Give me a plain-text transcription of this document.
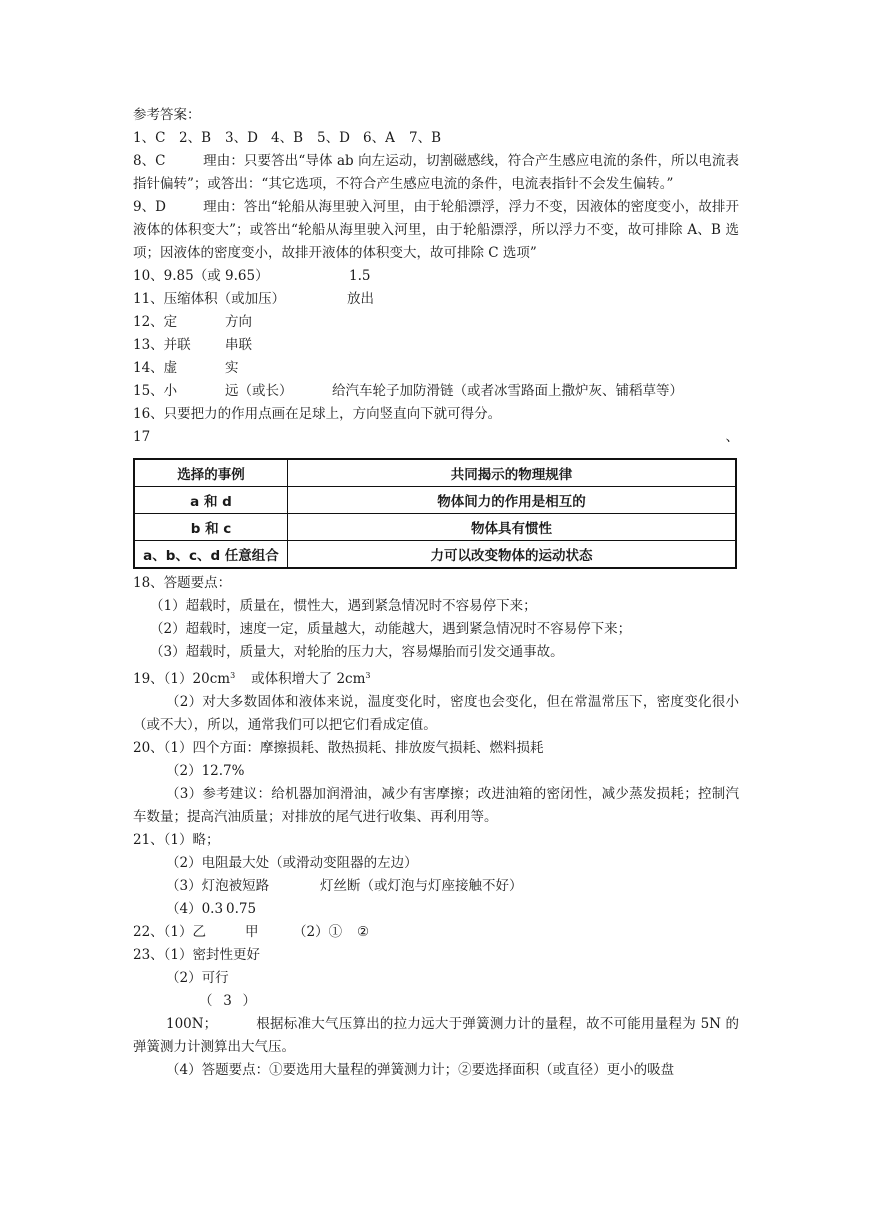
参考答案：
1、C 2、B 3、D 4、B 5、D 6、A 7、B
8、C	理由：只要答出“导体 ab 向左运动，切割磁感线，符合产生感应电流的条件，所以电流表指针偏转”；或答出：“其它选项，不符合产生感应电流的条件，电流表指针不会发生偏转。”
9、D	理由：答出“轮船从海里驶入河里，由于轮船漂浮，浮力不变，因液体的密度变小，故排开液体的体积变大”；或答出“轮船从海里驶入河里，由于轮船漂浮，所以浮力不变，故可排除 A、B 选项；因液体的密度变小，故排开液体的体积变大，故可排除 C 选项”
10、9.85（或 9.65）	1.5
11、压缩体积（或加压）	放出
12、定	方向
13、并联	串联
14、虚	实
15、小	远（或长）	给汽车轮子加防滑链（或者冰雪路面上撒炉灰、铺稻草等）
16、只要把力的作用点画在足球上，方向竖直向下就可得分。
17	、
选择的事例	共同揭示的物理规律
a 和 d	物体间力的作用是相互的
b 和 c	物体具有惯性
a、b、c、d 任意组合	力可以改变物体的运动状态
18、答题要点：
（1）超载时，质量在，惯性大，遇到紧急情况时不容易停下来；
（2）超载时，速度一定，质量越大，动能越大，遇到紧急情况时不容易停下来；
（3）超载时，质量大，对轮胎的压力大，容易爆胎而引发交通事故。
19、$(1)20cm^3$ 或体积增大了 $2cm^3$
（2）对大多数固体和液体来说，温度变化时，密度也会变化，但在常温常压下，密度变化很小（或不大），所以，通常我们可以把它们看成定值。
20、（1）四个方面：摩擦损耗、散热损耗、排放废气损耗、燃料损耗
（2）12.7%
（3）参考建议：给机器加润滑油，减少有害摩擦；改进油箱的密闭性，减少蒸发损耗；控制汽车数量；提高汽油质量；对排放的尾气进行收集、再利用等。
21、（1）略；
（2）电阻最大处（或滑动变阻器的左边）
（3）灯泡被短路	灯丝断（或灯泡与灯座接触不好）
（4）0.3 0.75
22、（1）乙	甲	（2）① ②
23、（1）密封性更好
（2）可行
（3）100N；	根据标准大气压算出的拉力远大于弹簧测力计的量程，故不可能用量程为 5N 的弹簧测力计测算出大气压。
（4）答题要点：①要选用大量程的弹簧测力计；②要选择面积（或直径）更小的吸盘
